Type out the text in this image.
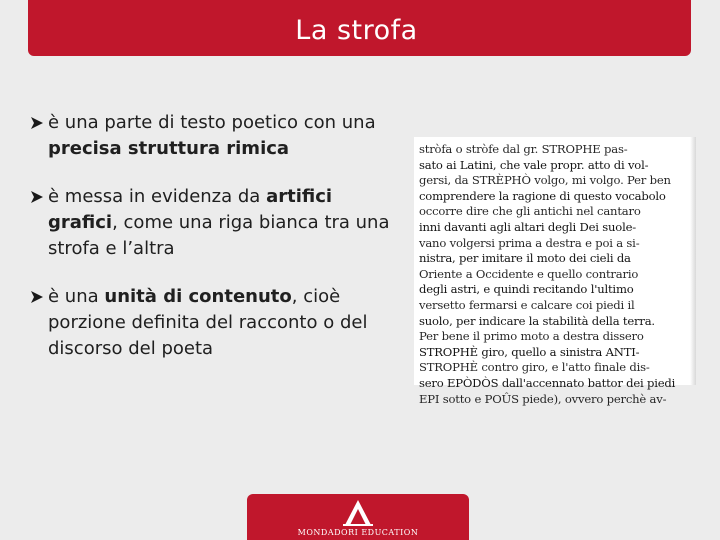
La strofa
è una parte di testo poetico con una precisa struttura rimica
è messa in evidenza da artifici grafici, come una riga bianca tra una strofa e l’altra
è una unità di contenuto, cioè porzione definita del racconto o del discorso del poeta
stròfa o stròfe dal gr. STROPHE pas-
sato ai Latini, che vale propr. atto di vol-
gersi, da STRÈPHÒ volgo, mi volgo. Per ben
comprendere la ragione di questo vocabolo
occorre dire che gli antichi nel cantaro
inni davanti agli altari degli Dei suole-
vano volgersi prima a destra e poi a si-
nistra, per imitare il moto dei cieli da
Oriente a Occidente e quello contrario
degli astri, e quindi recitando l'ultimo
versetto fermarsi e calcare coi piedi il
suolo, per indicare la stabilità della terra.
Per bene il primo moto a destra dissero
STROPHÈ giro, quello a sinistra ANTI-
STROPHÈ contro giro, e l'atto finale dis-
sero EPÒDÒS dall'accennato battor dei piedi
EPI sotto e POÛS piede), ovvero perchè av-
MONDADORI EDUCATION
